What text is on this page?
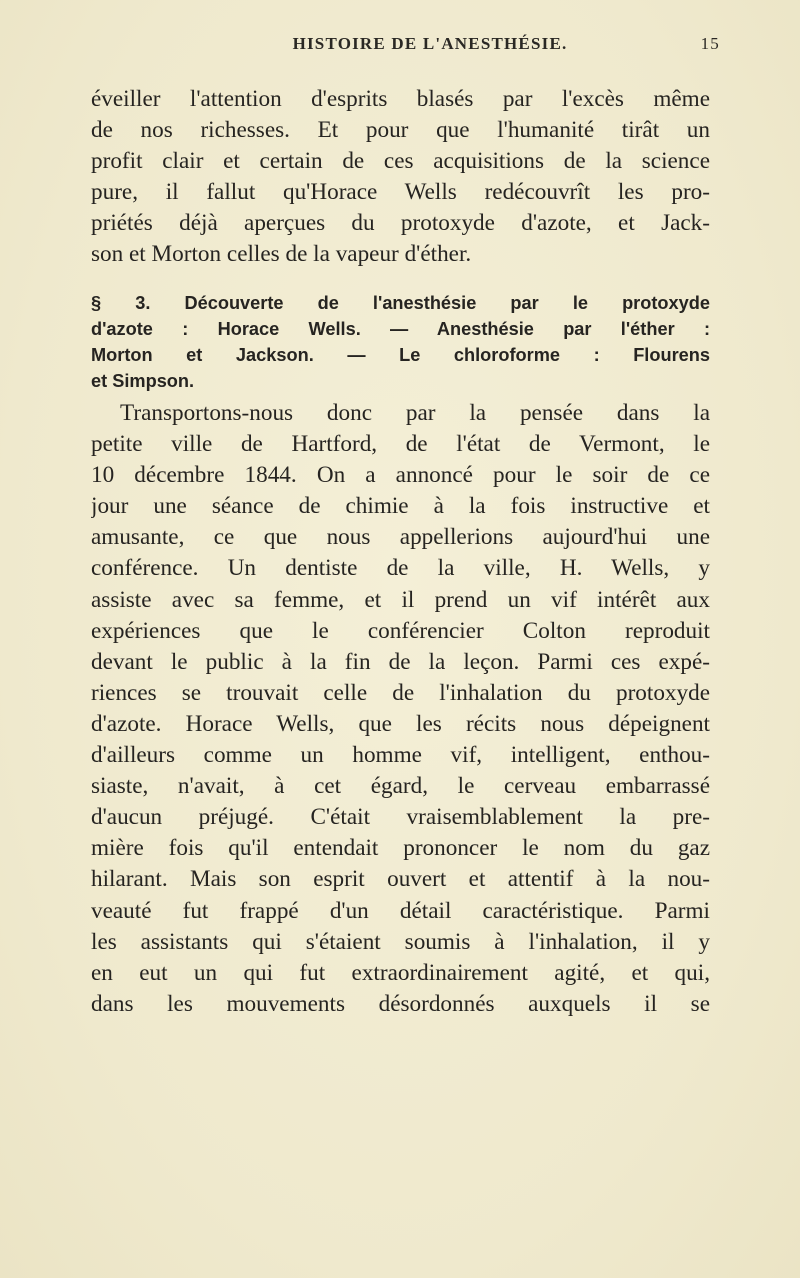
HISTOIRE DE L'ANESTHÉSIE.	15

éveiller l'attention d'esprits blasés par l'excès même
de nos richesses. Et pour que l'humanité tirât un
profit clair et certain de ces acquisitions de la science
pure, il fallut qu'Horace Wells redécouvrît les pro-
priétés déjà aperçues du protoxyde d'azote, et Jack-
son et Morton celles de la vapeur d'éther.

§ 3. Découverte de l'anesthésie par le protoxyde
d'azote : Horace Wells. — Anesthésie par l'éther :
Morton et Jackson. — Le chloroforme : Flourens
et Simpson.

Transportons-nous donc par la pensée dans la
petite ville de Hartford, de l'état de Vermont, le
10 décembre 1844. On a annoncé pour le soir de ce
jour une séance de chimie à la fois instructive et
amusante, ce que nous appellerions aujourd'hui une
conférence. Un dentiste de la ville, H. Wells, y
assiste avec sa femme, et il prend un vif intérêt aux
expériences que le conférencier Colton reproduit
devant le public à la fin de la leçon. Parmi ces expé-
riences se trouvait celle de l'inhalation du protoxyde
d'azote. Horace Wells, que les récits nous dépeignent
d'ailleurs comme un homme vif, intelligent, enthou-
siaste, n'avait, à cet égard, le cerveau embarrassé
d'aucun préjugé. C'était vraisemblablement la pre-
mière fois qu'il entendait prononcer le nom du gaz
hilarant. Mais son esprit ouvert et attentif à la nou-
veauté fut frappé d'un détail caractéristique. Parmi
les assistants qui s'étaient soumis à l'inhalation, il y
en eut un qui fut extraordinairement agité, et qui,
dans les mouvements désordonnés auxquels il se
